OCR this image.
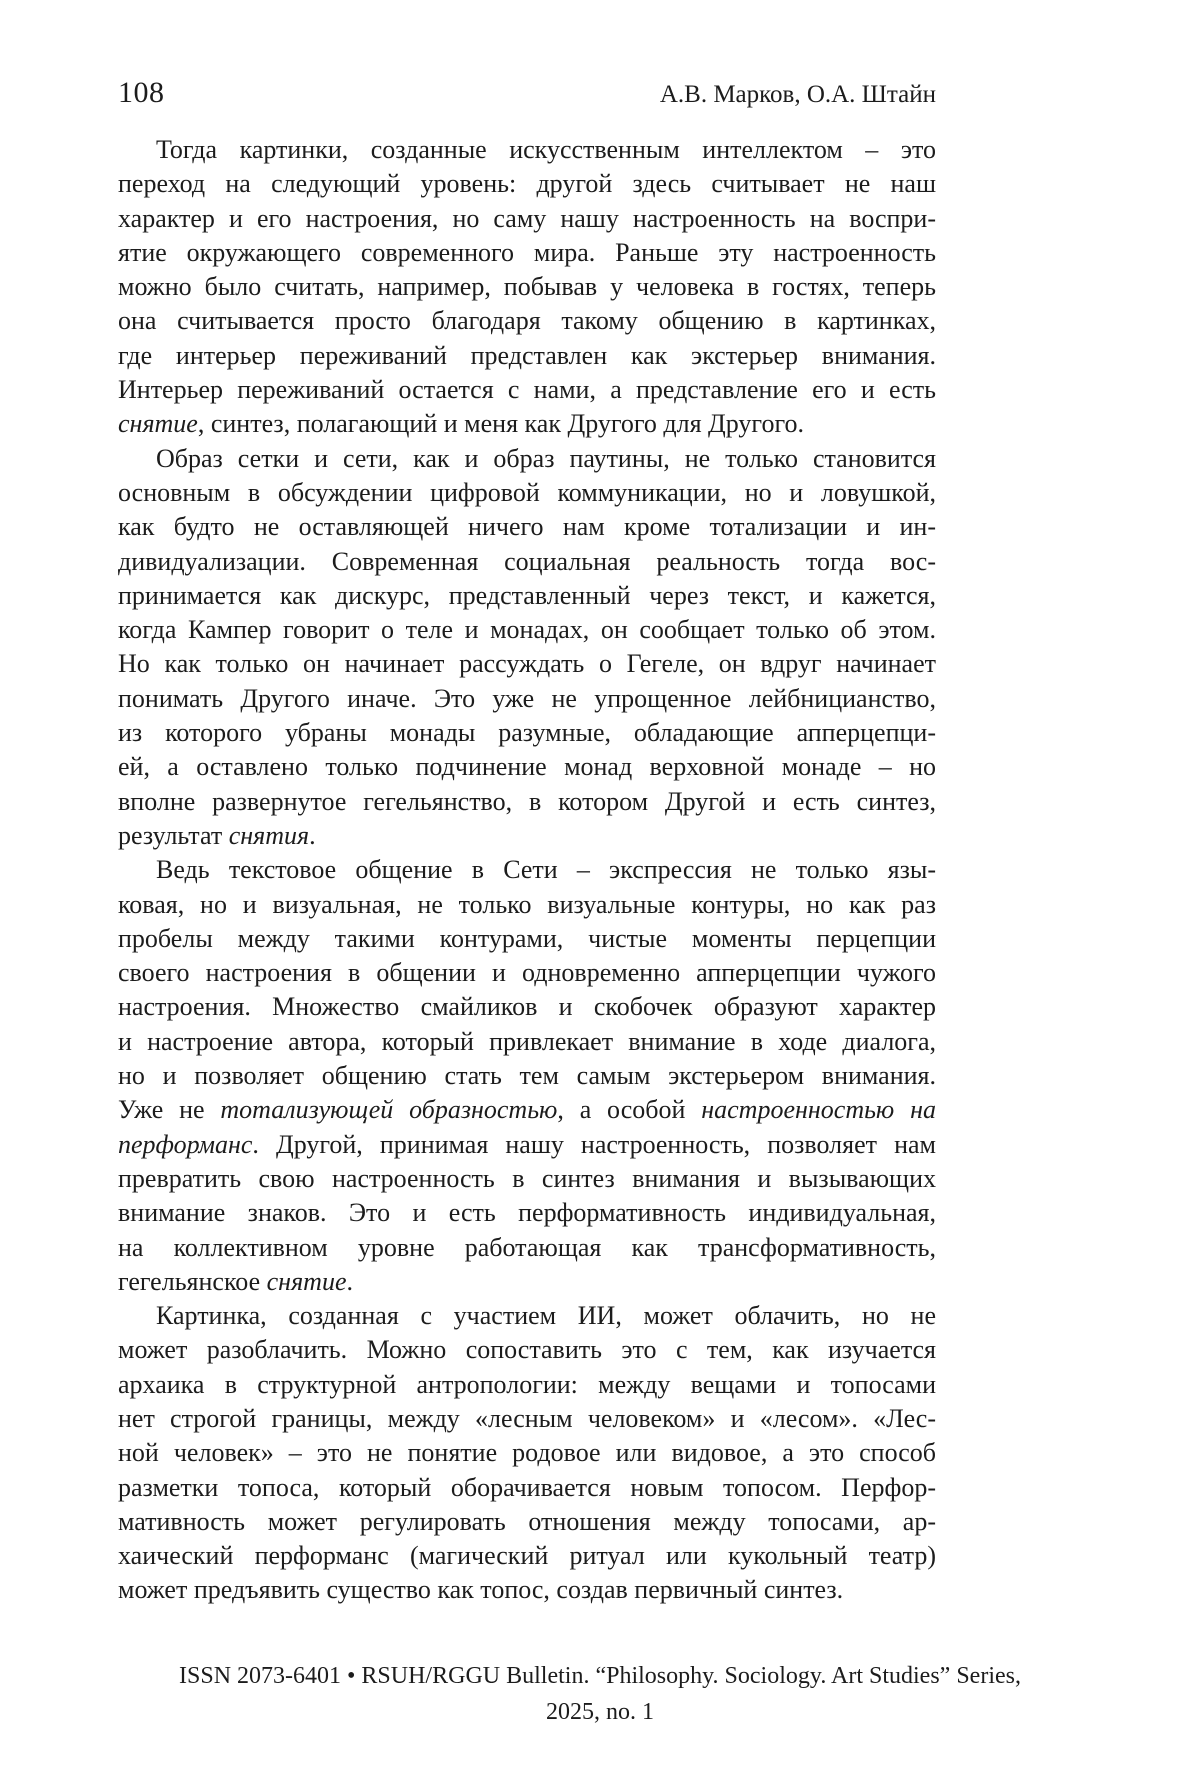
108	А.В. Марков, О.А. Штайн
Тогда картинки, созданные искусственным интеллектом – это
переход на следующий уровень: другой здесь считывает не наш
характер и его настроения, но саму нашу настроенность на воспри-
ятие окружающего современного мира. Раньше эту настроенность
можно было считать, например, побывав у человека в гостях, теперь
она считывается просто благодаря такому общению в картинках,
где интерьер переживаний представлен как экстерьер внимания.
Интерьер переживаний остается с нами, а представление его и есть
снятие, синтез, полагающий и меня как Другого для Другого.
Образ сетки и сети, как и образ паутины, не только становится
основным в обсуждении цифровой коммуникации, но и ловушкой,
как будто не оставляющей ничего нам кроме тотализации и ин-
дивидуализации. Современная социальная реальность тогда вос-
принимается как дискурс, представленный через текст, и кажется,
когда Кампер говорит о теле и монадах, он сообщает только об этом.
Но как только он начинает рассуждать о Гегеле, он вдруг начинает
понимать Другого иначе. Это уже не упрощенное лейбницианство,
из которого убраны монады разумные, обладающие апперцепци-
ей, а оставлено только подчинение монад верховной монаде – но
вполне развернутое гегельянство, в котором Другой и есть синтез,
результат снятия.
Ведь текстовое общение в Сети – экспрессия не только язы-
ковая, но и визуальная, не только визуальные контуры, но как раз
пробелы между такими контурами, чистые моменты перцепции
своего настроения в общении и одновременно апперцепции чужого
настроения. Множество смайликов и скобочек образуют характер
и настроение автора, который привлекает внимание в ходе диалога,
но и позволяет общению стать тем самым экстерьером внимания.
Уже не тотализующей образностью, а особой настроенностью на
перформанс. Другой, принимая нашу настроенность, позволяет нам
превратить свою настроенность в синтез внимания и вызывающих
внимание знаков. Это и есть перформативность индивидуальная,
на коллективном уровне работающая как трансформативность,
гегельянское снятие.
Картинка, созданная с участием ИИ, может облачить, но не
может разоблачить. Можно сопоставить это с тем, как изучается
архаика в структурной антропологии: между вещами и топосами
нет строгой границы, между «лесным человеком» и «лесом». «Лес-
ной человек» – это не понятие родовое или видовое, а это способ
разметки топоса, который оборачивается новым топосом. Перфор-
мативность может регулировать отношения между топосами, ар-
хаический перформанс (магический ритуал или кукольный театр)
может предъявить существо как топос, создав первичный синтез.
ISSN 2073-6401 • RSUH/RGGU Bulletin. “Philosophy. Sociology. Art Studies” Series,
2025, no. 1
